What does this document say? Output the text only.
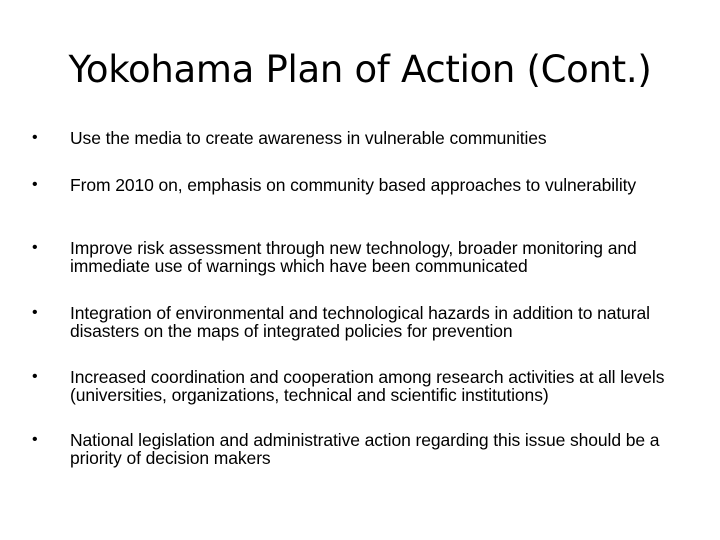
Yokohama Plan of Action (Cont.)
• Use the media to create awareness in vulnerable communities
• From 2010 on, emphasis on community based approaches to vulnerability
• Improve risk assessment through new technology, broader monitoring and immediate use of warnings which have been communicated
• Integration of environmental and technological hazards in addition to natural disasters on the maps of integrated policies for prevention
• Increased coordination and cooperation among research activities at all levels (universities, organizations, technical and scientific institutions)
• National legislation and administrative action regarding this issue should be a priority of decision makers
